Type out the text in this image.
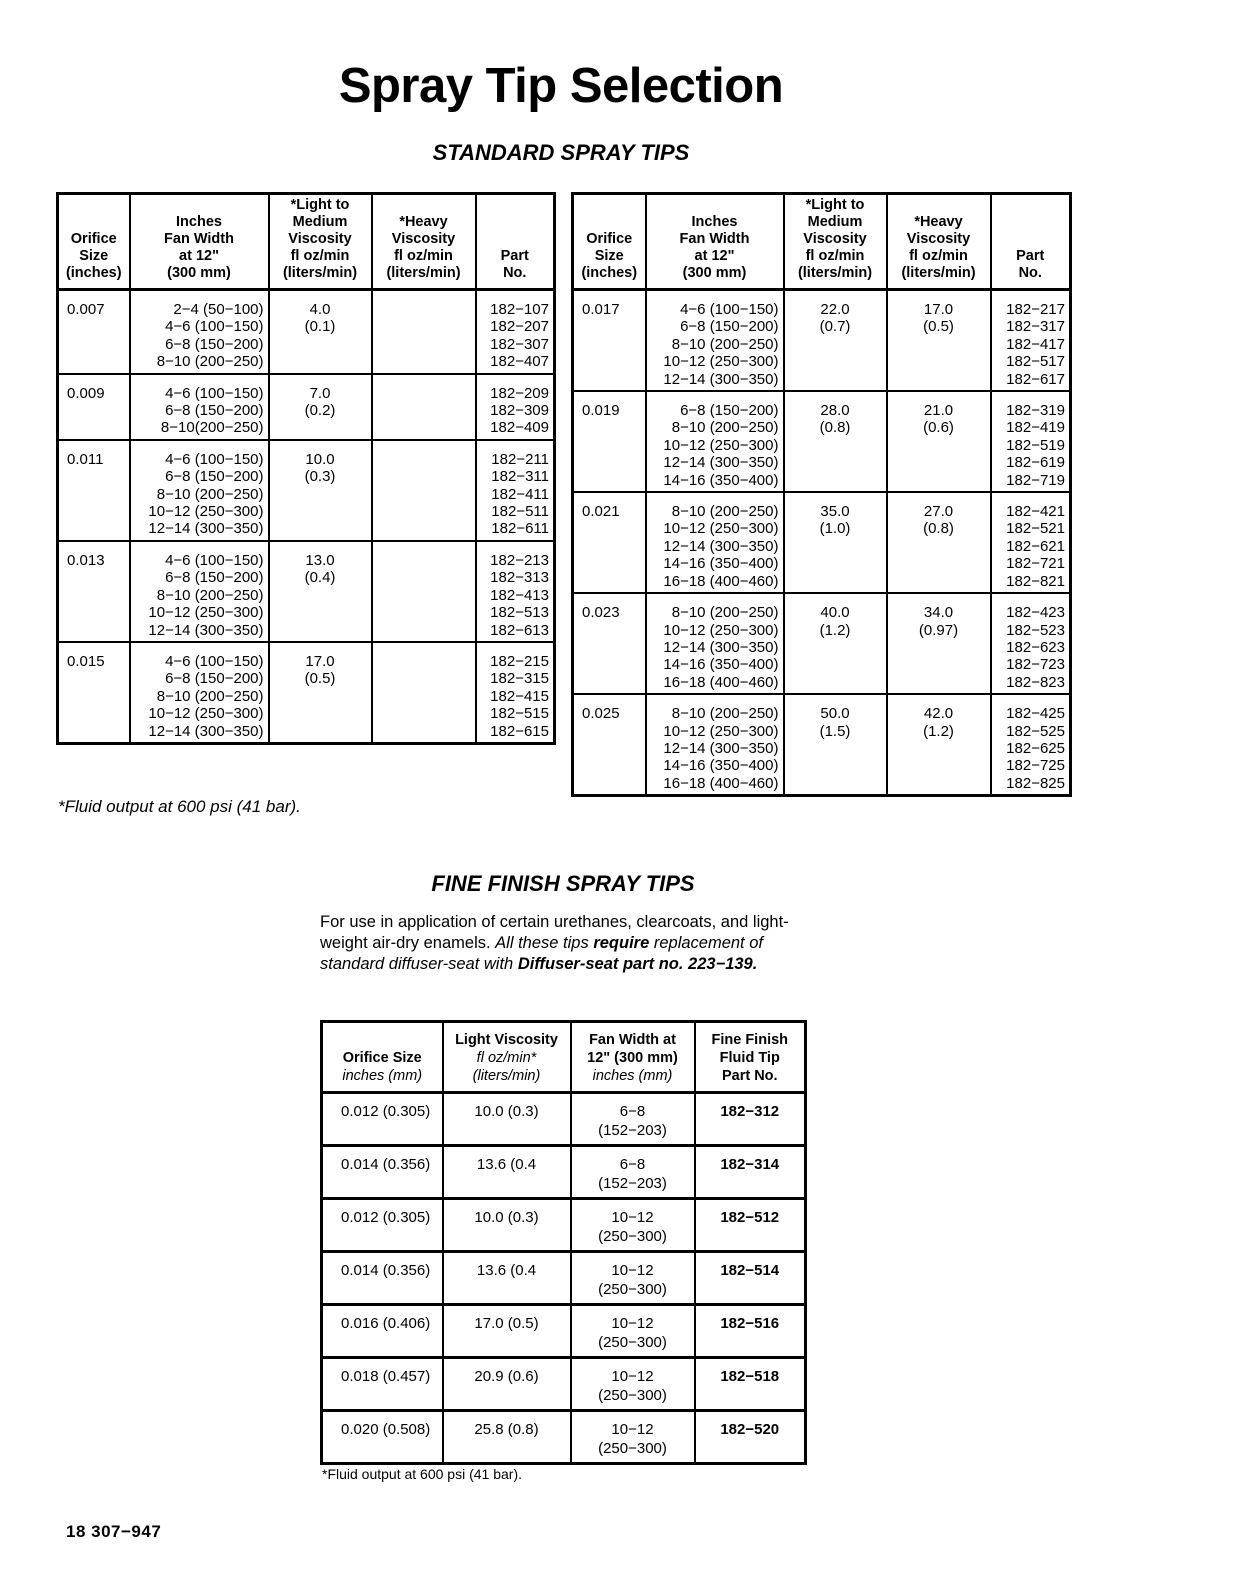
Spray Tip Selection
STANDARD SPRAY TIPS
Orifice
Size
(inches)	Inches
Fan Width
at 12"
(300 mm)	*Light to
Medium
Viscosity
fl oz/min
(liters/min)	*Heavy
Viscosity
fl oz/min
(liters/min)	Part
No.

0.007	2−4 (50−100)
4−6 (100−150)
6−8 (150−200)
8−10 (200−250)	4.0
(0.1)		182−107
182−207
182−307
182−407

0.009	4−6 (100−150)
6−8 (150−200)
8−10(200−250)	7.0
(0.2)		182−209
182−309
182−409

0.011	4−6 (100−150)
6−8 (150−200)
8−10 (200−250)
10−12 (250−300)
12−14 (300−350)	10.0
(0.3)		182−211
182−311
182−411
182−511
182−611

0.013	4−6 (100−150)
6−8 (150−200)
8−10 (200−250)
10−12 (250−300)
12−14 (300−350)	13.0
(0.4)		182−213
182−313
182−413
182−513
182−613

0.015	4−6 (100−150)
6−8 (150−200)
8−10 (200−250)
10−12 (250−300)
12−14 (300−350)	17.0
(0.5)		182−215
182−315
182−415
182−515
182−615
Orifice
Size
(inches)	Inches
Fan Width
at 12"
(300 mm)	*Light to
Medium
Viscosity
fl oz/min
(liters/min)	*Heavy
Viscosity
fl oz/min
(liters/min)	Part
No.

0.017	4−6 (100−150)
6−8 (150−200)
8−10 (200−250)
10−12 (250−300)
12−14 (300−350)	22.0
(0.7)	17.0
(0.5)	182−217
182−317
182−417
182−517
182−617

0.019	6−8 (150−200)
8−10 (200−250)
10−12 (250−300)
12−14 (300−350)
14−16 (350−400)	28.0
(0.8)	21.0
(0.6)	182−319
182−419
182−519
182−619
182−719

0.021	8−10 (200−250)
10−12 (250−300)
12−14 (300−350)
14−16 (350−400)
16−18 (400−460)	35.0
(1.0)	27.0
(0.8)	182−421
182−521
182−621
182−721
182−821

0.023	8−10 (200−250)
10−12 (250−300)
12−14 (300−350)
14−16 (350−400)
16−18 (400−460)	40.0
(1.2)	34.0
(0.97)	182−423
182−523
182−623
182−723
182−823

0.025	8−10 (200−250)
10−12 (250−300)
12−14 (300−350)
14−16 (350−400)
16−18 (400−460)	50.0
(1.5)	42.0
(1.2)	182−425
182−525
182−625
182−725
182−825
*Fluid output at 600 psi (41 bar).
FINE FINISH SPRAY TIPS
For use in application of certain urethanes, clearcoats, and light-weight air-dry enamels. All these tips require replacement of standard diffuser-seat with Diffuser-seat part no. 223−139.
Orifice Size
inches (mm)	Light Viscosity
fl oz/min*
(liters/min)	Fan Width at
12" (300 mm)
inches (mm)	Fine Finish
Fluid Tip
Part No.

0.012 (0.305)	10.0 (0.3)	6−8
(152−203)	182−312

0.014 (0.356)	13.6 (0.4	6−8
(152−203)	182−314

0.012 (0.305)	10.0 (0.3)	10−12
(250−300)	182−512

0.014 (0.356)	13.6 (0.4	10−12
(250−300)	182−514

0.016 (0.406)	17.0 (0.5)	10−12
(250−300)	182−516

0.018 (0.457)	20.9 (0.6)	10−12
(250−300)	182−518

0.020 (0.508)	25.8 (0.8)	10−12
(250−300)	182−520
*Fluid output at 600 psi (41 bar).
18 307−947
